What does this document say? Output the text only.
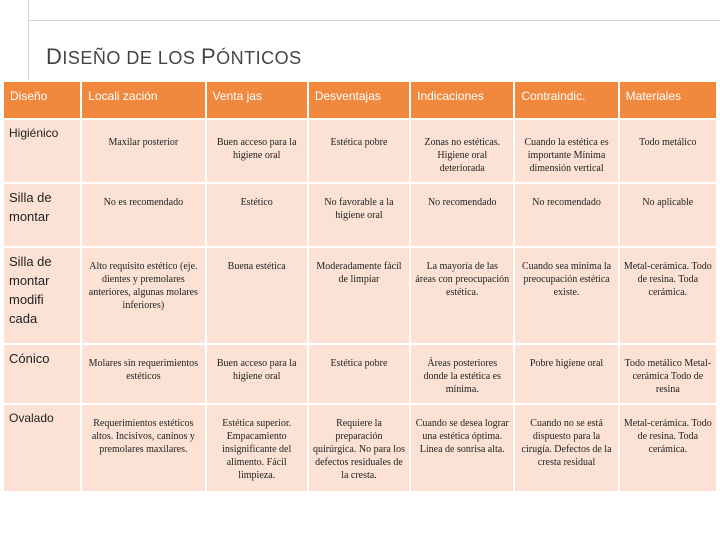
DISEÑO DE LOS PÓNTICOS
Diseño	Locali zación	Venta jas	Desventajas	Indicaciones	Contraindic.	Materiales
Higiénico	Maxilar posterior	Buen acceso para la higiene oral	Estética pobre	Zonas no estéticas. Higiene oral deteriorada	Cuando la estética es importante Mínima dimensión vertical	Todo metálico

Silla de montar	No es recomendado	Estético	No favorable a la higiene oral	No recomendado	No recomendado	No aplicable

Silla de montar modifi cada	Alto requisito estético (eje. dientes y premolares anteriores, algunas molares inferiores)	Buena estética	Moderadamente fácil de limpiar	La mayoría de las áreas con preocupación estética.	Cuando sea mínima la preocupación estética existe.	Metal-cerámica. Todo de resina. Toda cerámica.

Cónico	Molares sin requerimientos estéticos	Buen acceso para la higiene oral	Estética pobre	Áreas posteriores donde la estética es mínima.	Pobre higiene oral	Todo metálico Metal-cerámica Todo de resina

Ovalado	Requerimientos estéticos altos. Incisivos, caninos y premolares maxilares.	Estética superior. Empacamiento insignificante del alimento. Fácil limpieza.	Requiere la preparación quirúrgica. No para los defectos residuales de la cresta.	Cuando se desea lograr una estética óptima. Línea de sonrisa alta.	Cuando no se está dispuesto para la cirugía. Defectos de la cresta residual	Metal-cerámica. Todo de resina. Toda cerámica.
